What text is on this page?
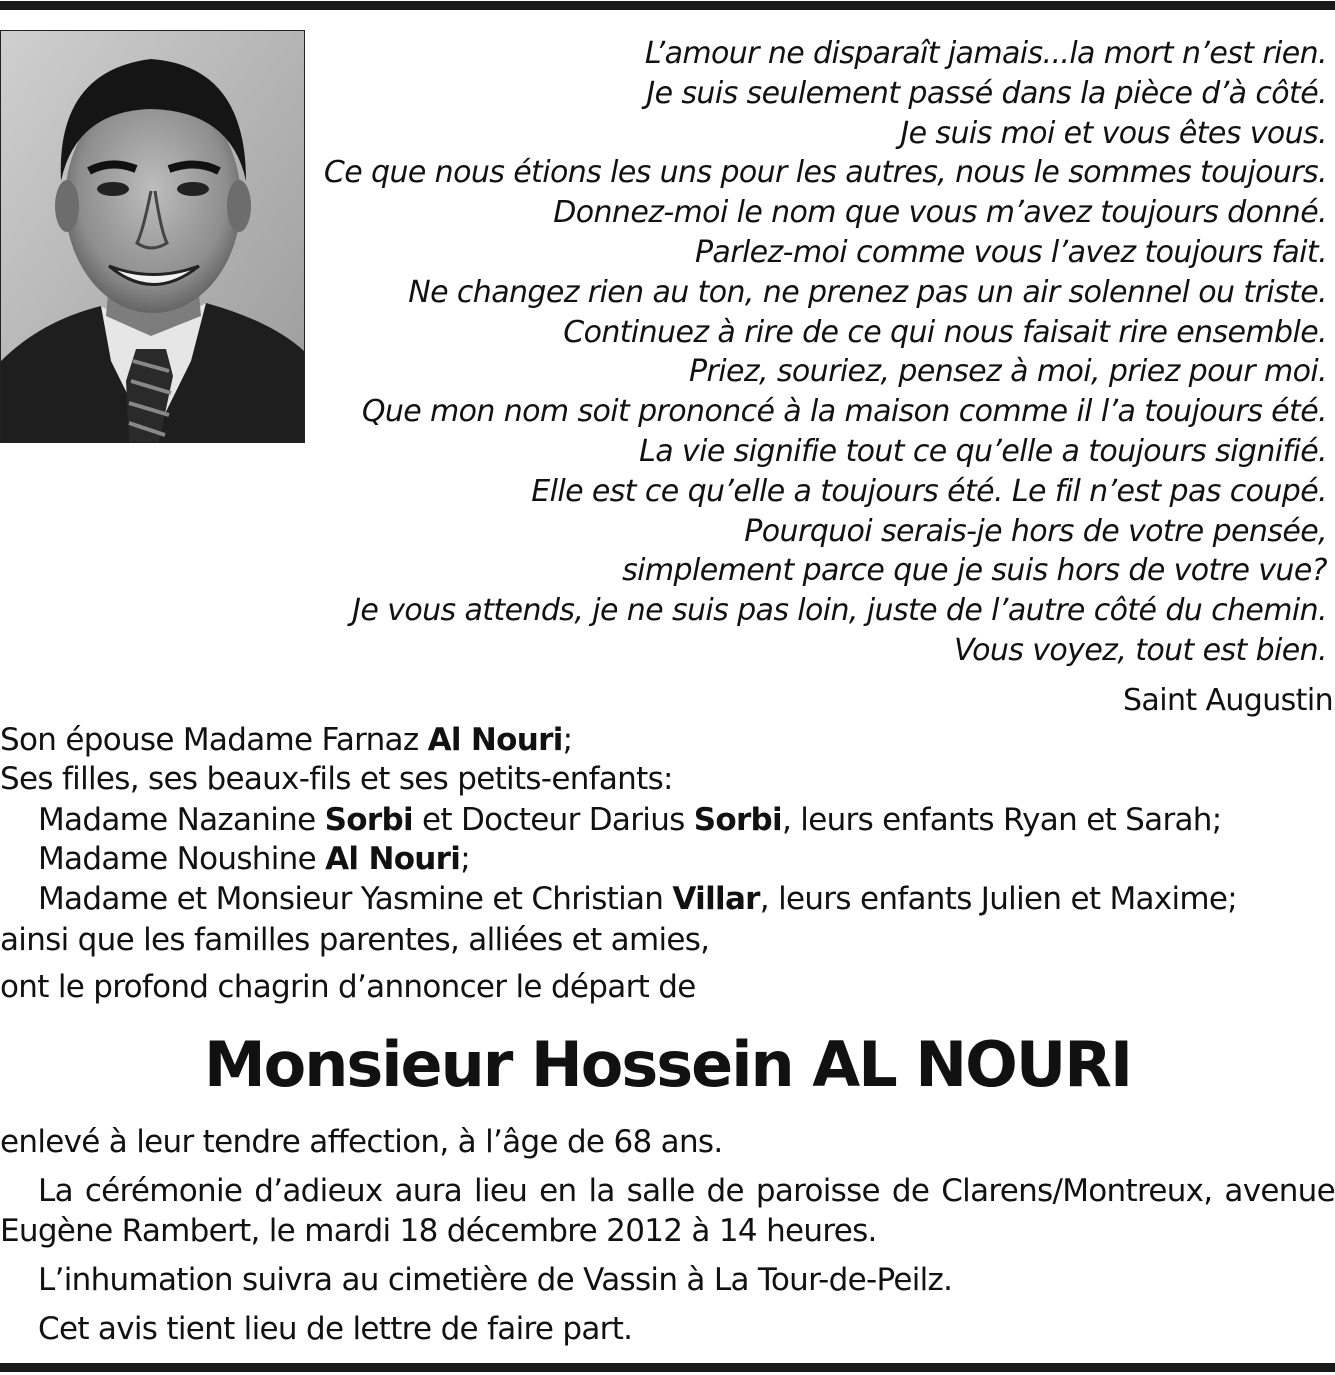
L’amour ne disparaît jamais...la mort n’est rien.
Je suis seulement passé dans la pièce d’à côté.
Je suis moi et vous êtes vous.
Ce que nous étions les uns pour les autres, nous le sommes toujours.
Donnez-moi le nom que vous m’avez toujours donné.
Parlez-moi comme vous l’avez toujours fait.
Ne changez rien au ton, ne prenez pas un air solennel ou triste.
Continuez à rire de ce qui nous faisait rire ensemble.
Priez, souriez, pensez à moi, priez pour moi.
Que mon nom soit prononcé à la maison comme il l’a toujours été.
La vie signifie tout ce qu’elle a toujours signifié.
Elle est ce qu’elle a toujours été. Le fil n’est pas coupé.
Pourquoi serais-je hors de votre pensée,
simplement parce que je suis hors de votre vue?
Je vous attends, je ne suis pas loin, juste de l’autre côté du chemin.
Vous voyez, tout est bien.
Saint Augustin
Son épouse Madame Farnaz Al Nouri;
Ses filles, ses beaux-fils et ses petits-enfants:
Madame Nazanine Sorbi et Docteur Darius Sorbi, leurs enfants Ryan et Sarah;
Madame Noushine Al Nouri;
Madame et Monsieur Yasmine et Christian Villar, leurs enfants Julien et Maxime;
ainsi que les familles parentes, alliées et amies,
ont le profond chagrin d’annoncer le départ de
Monsieur Hossein AL NOURI
enlevé à leur tendre affection, à l’âge de 68 ans.
La cérémonie d’adieux aura lieu en la salle de paroisse de Clarens/Montreux, avenue Eugène Rambert, le mardi 18 décembre 2012 à 14 heures.
L’inhumation suivra au cimetière de Vassin à La Tour-de-Peilz.
Cet avis tient lieu de lettre de faire part.
